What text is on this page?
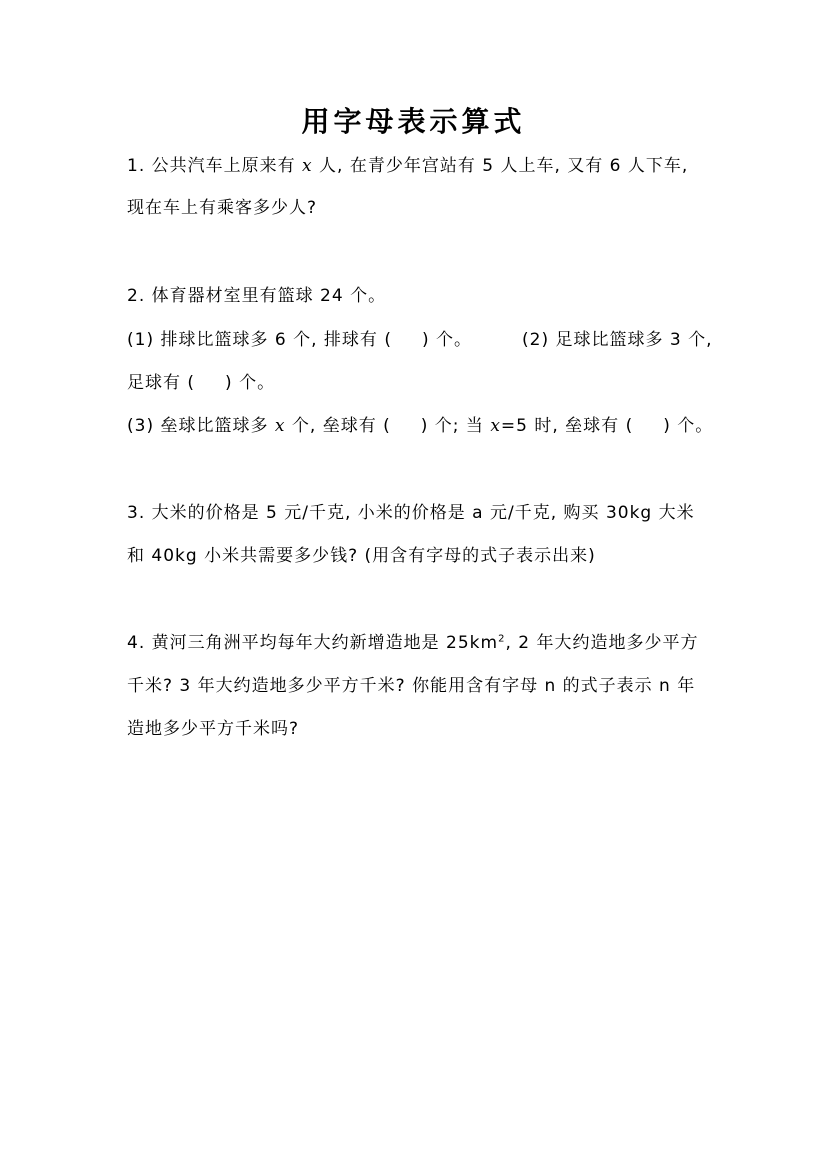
用字母表示算式
1. 公共汽车上原来有 x 人, 在青少年宫站有 5 人上车, 又有 6 人下车,
现在车上有乘客多少人?
2. 体育器材室里有篮球 24 个。
(1) 排球比篮球多 6 个, 排球有 ( ) 个。	(2) 足球比篮球多 3 个,
足球有 ( ) 个。
(3) 垒球比篮球多 x 个, 垒球有 ( ) 个; 当 x=5 时, 垒球有 ( ) 个。
3. 大米的价格是 5 元/千克, 小米的价格是 a 元/千克, 购买 30kg 大米
和 40kg 小米共需要多少钱? (用含有字母的式子表示出来)
4. 黄河三角洲平均每年大约新增造地是 $25km^2$, 2 年大约造地多少平方
千米? 3 年大约造地多少平方千米? 你能用含有字母 n 的式子表示 n 年
造地多少平方千米吗?
